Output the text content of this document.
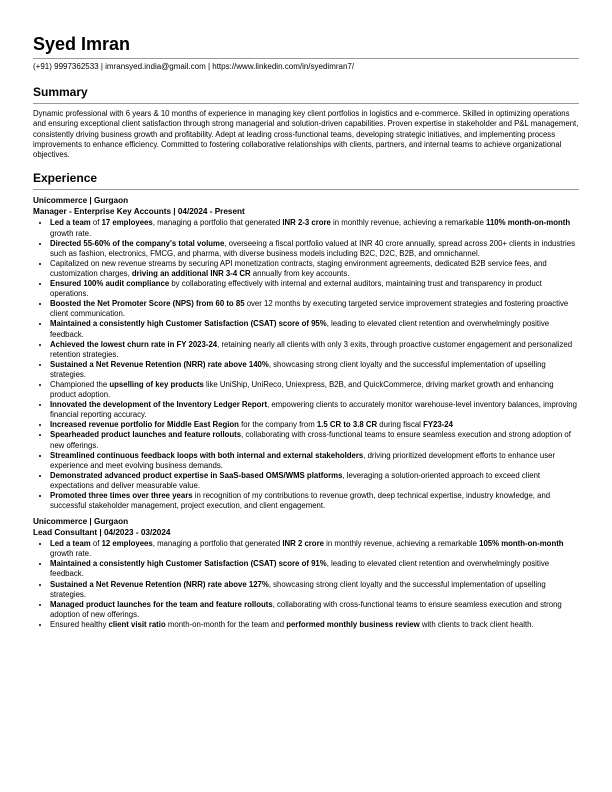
Syed Imran
(+91) 9997362533 | imransyed.india@gmail.com | https://www.linkedin.com/in/syedimran7/
Summary
Dynamic professional with 6 years & 10 months of experience in managing key client portfolios in logistics and e-commerce. Skilled in optimizing operations and ensuring exceptional client satisfaction through strong managerial and solution-driven capabilities. Proven expertise in stakeholder and P&L management, consistently driving business growth and profitability. Adept at leading cross-functional teams, developing strategic initiatives, and implementing process improvements to enhance efficiency. Committed to fostering collaborative relationships with clients, partners, and internal teams to achieve organizational objectives.
Experience
Unicommerce | Gurgaon
Manager - Enterprise Key Accounts | 04/2024 - Present
• Led a team of 17 employees, managing a portfolio that generated INR 2-3 crore in monthly revenue, achieving a remarkable 110% month-on-month growth rate.
• Directed 55-60% of the company's total volume, overseeing a fiscal portfolio valued at INR 40 crore annually, spread across 200+ clients in industries such as fashion, electronics, FMCG, and pharma, with diverse business models including B2C, D2C, B2B, and omnichannel.
• Capitalized on new revenue streams by securing API monetization contracts, staging environment agreements, dedicated B2B service fees, and customization charges, driving an additional INR 3-4 CR annually from key accounts.
• Ensured 100% audit compliance by collaborating effectively with internal and external auditors, maintaining trust and transparency in product operations.
• Boosted the Net Promoter Score (NPS) from 60 to 85 over 12 months by executing targeted service improvement strategies and fostering proactive client communication.
• Maintained a consistently high Customer Satisfaction (CSAT) score of 95%, leading to elevated client retention and overwhelmingly positive feedback.
• Achieved the lowest churn rate in FY 2023-24, retaining nearly all clients with only 3 exits, through proactive customer engagement and personalized retention strategies.
• Sustained a Net Revenue Retention (NRR) rate above 140%, showcasing strong client loyalty and the successful implementation of upselling strategies.
• Championed the upselling of key products like UniShip, UniReco, Uniexpress, B2B, and QuickCommerce, driving market growth and enhancing product adoption.
• Innovated the development of the Inventory Ledger Report, empowering clients to accurately monitor warehouse-level inventory balances, improving financial reporting accuracy.
• Increased revenue portfolio for Middle East Region for the company from 1.5 CR to 3.8 CR during fiscal FY23-24
• Spearheaded product launches and feature rollouts, collaborating with cross-functional teams to ensure seamless execution and strong adoption of new offerings.
• Streamlined continuous feedback loops with both internal and external stakeholders, driving prioritized development efforts to enhance user experience and meet evolving business demands.
• Demonstrated advanced product expertise in SaaS-based OMS/WMS platforms, leveraging a solution-oriented approach to exceed client expectations and deliver measurable value.
• Promoted three times over three years in recognition of my contributions to revenue growth, deep technical expertise, industry knowledge, and successful stakeholder management, project execution, and client engagement.
Unicommerce | Gurgaon
Lead Consultant | 04/2023 - 03/2024
• Led a team of 12 employees, managing a portfolio that generated INR 2 crore in monthly revenue, achieving a remarkable 105% month-on-month growth rate.
• Maintained a consistently high Customer Satisfaction (CSAT) score of 91%, leading to elevated client retention and overwhelmingly positive feedback.
• Sustained a Net Revenue Retention (NRR) rate above 127%, showcasing strong client loyalty and the successful implementation of upselling strategies.
• Managed product launches for the team and feature rollouts, collaborating with cross-functional teams to ensure seamless execution and strong adoption of new offerings.
• Ensured healthy client visit ratio month-on-month for the team and performed monthly business review with clients to track client health.
